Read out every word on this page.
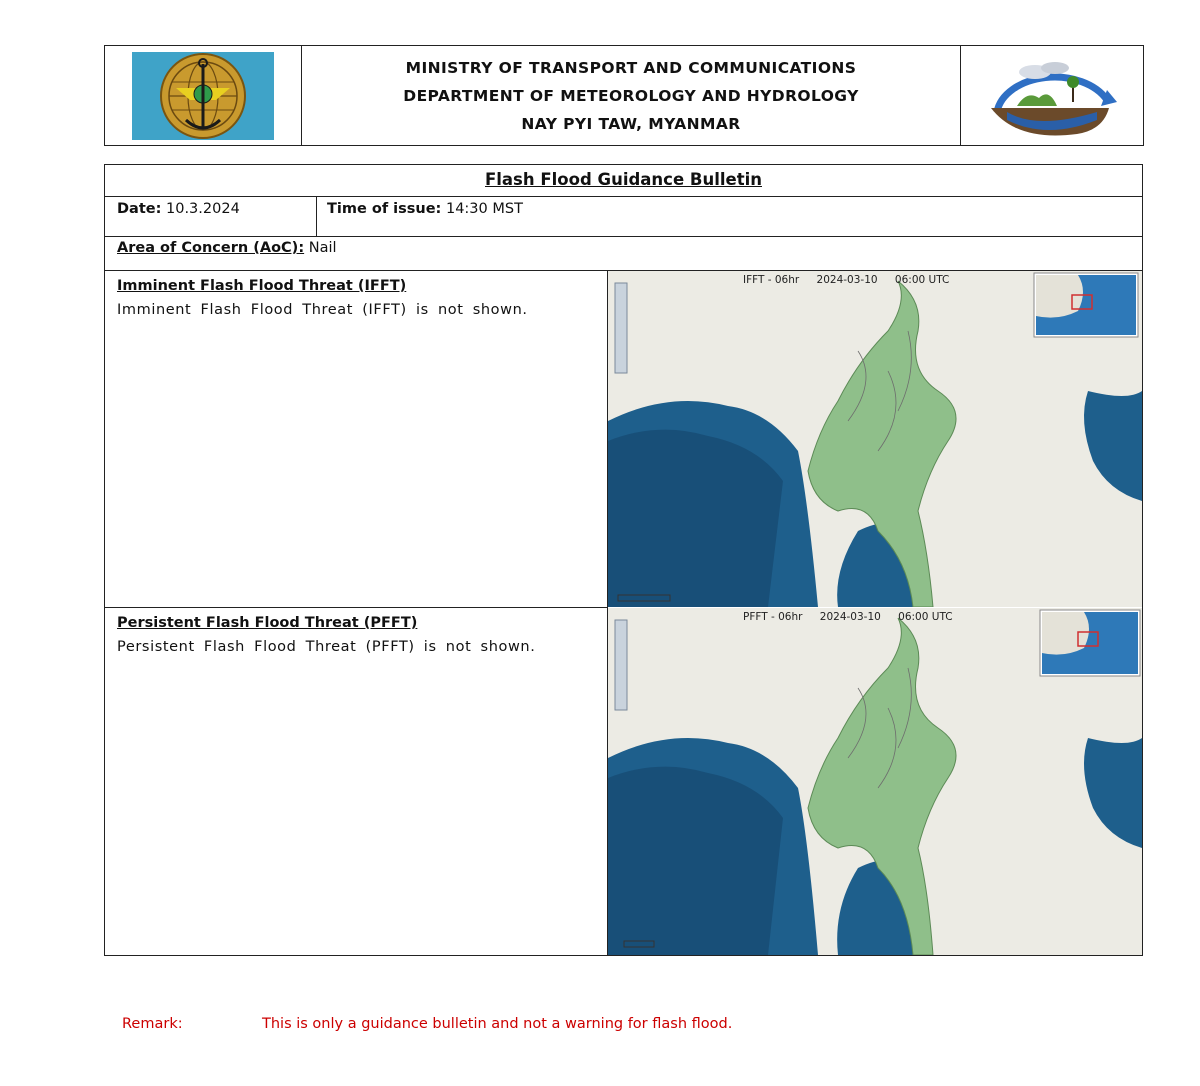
MINISTRY OF TRANSPORT AND COMMUNICATIONS
DEPARTMENT OF METEOROLOGY AND HYDROLOGY
NAY PYI TAW, MYANMAR
Flash Flood Guidance Bulletin
Date: 10.3.2024	Time of issue: 14:30 MST
Area of Concern (AoC): Nail
Imminent Flash Flood Threat (IFFT)
Imminent Flash Flood Threat (IFFT) is not shown.
IFFT - 06hr 2024-03-10 06:00 UTC
Persistent Flash Flood Threat (PFFT)
Persistent Flash Flood Threat (PFFT) is not shown.
PFFT - 06hr 2024-03-10 06:00 UTC
Remark:	This is only a guidance bulletin and not a warning for flash flood.
